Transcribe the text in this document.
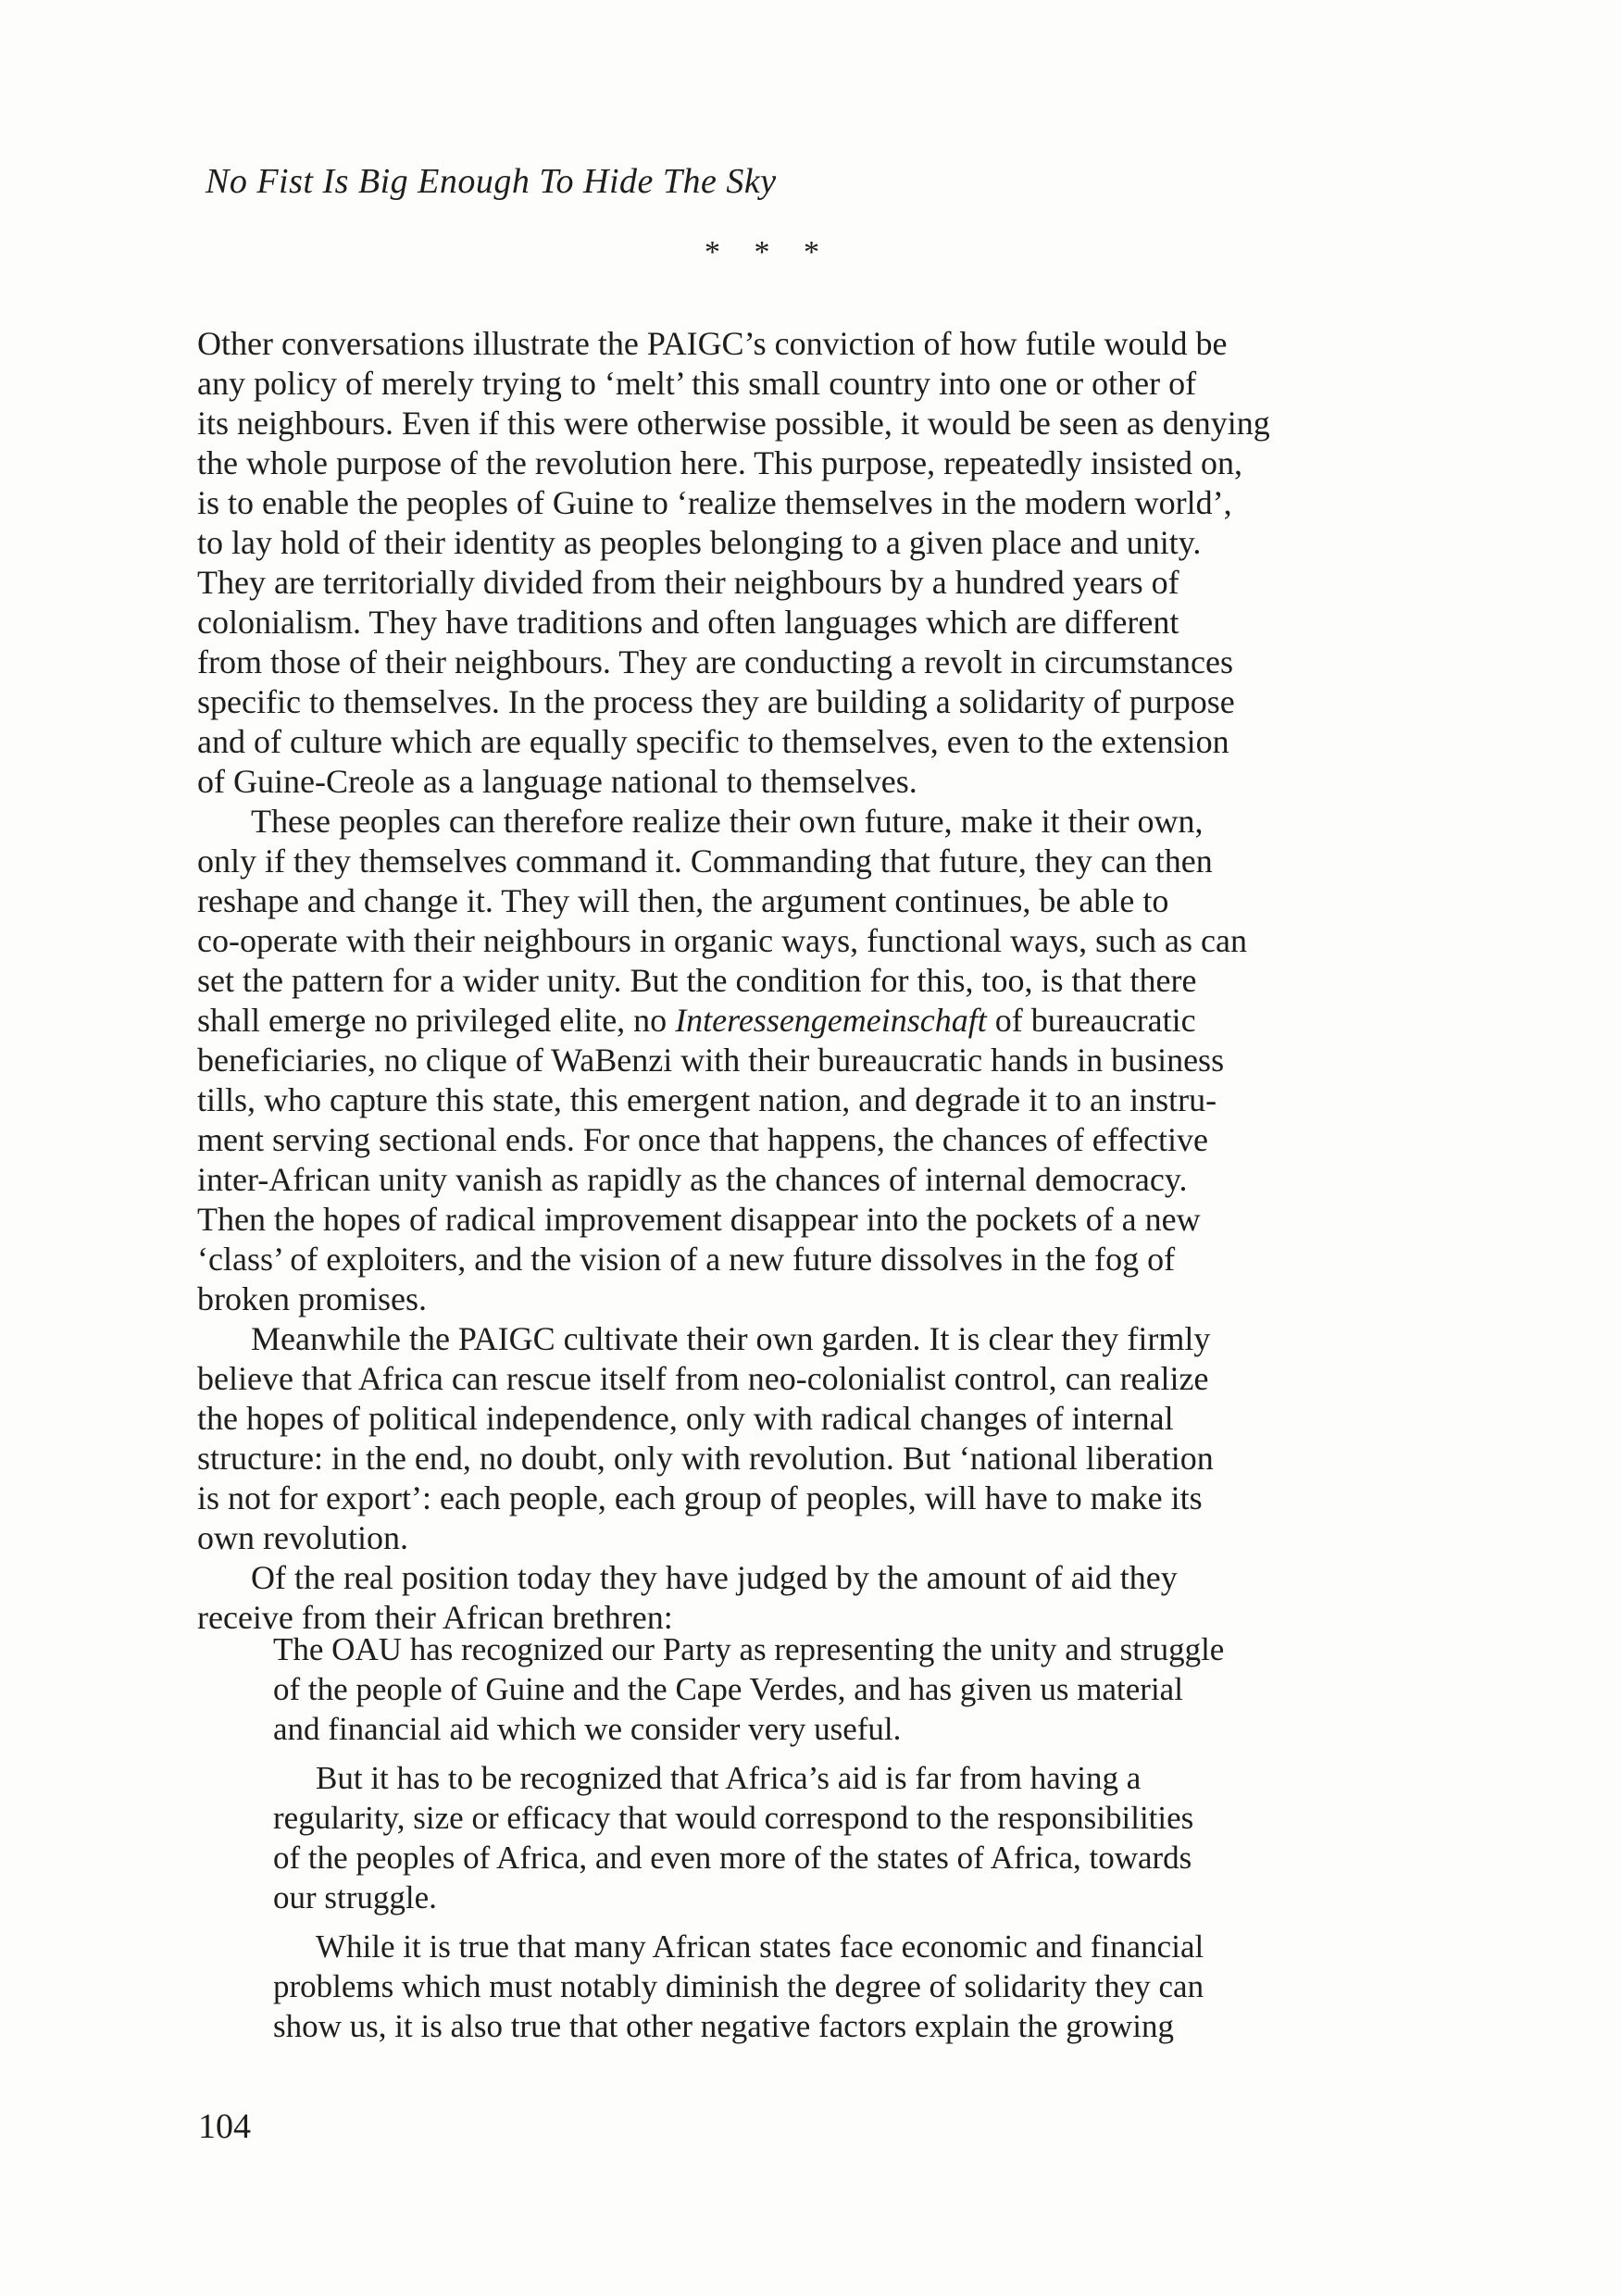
No Fist Is Big Enough To Hide The Sky
* * *

Other conversations illustrate the PAIGC’s conviction of how futile would be
any policy of merely trying to ‘melt’ this small country into one or other of
its neighbours. Even if this were otherwise possible, it would be seen as denying
the whole purpose of the revolution here. This purpose, repeatedly insisted on,
is to enable the peoples of Guine to ‘realize themselves in the modern world’,
to lay hold of their identity as peoples belonging to a given place and unity.
They are territorially divided from their neighbours by a hundred years of
colonialism. They have traditions and often languages which are different
from those of their neighbours. They are conducting a revolt in circumstances
specific to themselves. In the process they are building a solidarity of purpose
and of culture which are equally specific to themselves, even to the extension
of Guine-Creole as a language national to themselves.

These peoples can therefore realize their own future, make it their own,
only if they themselves command it. Commanding that future, they can then
reshape and change it. They will then, the argument continues, be able to
co-operate with their neighbours in organic ways, functional ways, such as can
set the pattern for a wider unity. But the condition for this, too, is that there
shall emerge no privileged elite, no Interessengemeinschaft of bureaucratic
beneficiaries, no clique of WaBenzi with their bureaucratic hands in business
tills, who capture this state, this emergent nation, and degrade it to an instru-
ment serving sectional ends. For once that happens, the chances of effective
inter-African unity vanish as rapidly as the chances of internal democracy.
Then the hopes of radical improvement disappear into the pockets of a new
‘class’ of exploiters, and the vision of a new future dissolves in the fog of
broken promises.

Meanwhile the PAIGC cultivate their own garden. It is clear they firmly
believe that Africa can rescue itself from neo-colonialist control, can realize
the hopes of political independence, only with radical changes of internal
structure: in the end, no doubt, only with revolution. But ‘national liberation
is not for export’: each people, each group of peoples, will have to make its
own revolution.

Of the real position today they have judged by the amount of aid they
receive from their African brethren:

The OAU has recognized our Party as representing the unity and struggle
of the people of Guine and the Cape Verdes, and has given us material
and financial aid which we consider very useful.

But it has to be recognized that Africa’s aid is far from having a
regularity, size or efficacy that would correspond to the responsibilities
of the peoples of Africa, and even more of the states of Africa, towards
our struggle.

While it is true that many African states face economic and financial
problems which must notably diminish the degree of solidarity they can
show us, it is also true that other negative factors explain the growing

104
